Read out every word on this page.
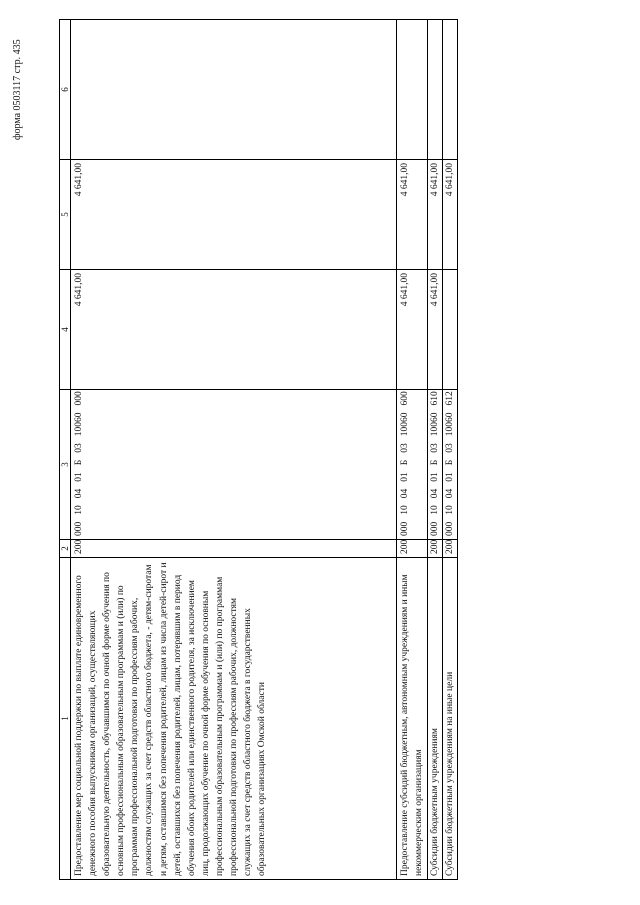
форма 0503117 стр. 435
1	2	3	4	5	6
Предоставление мер социальной поддержки по выплате единовременного денежного пособия выпускникам организаций, осуществляющих образовательную деятельность, обучавшимся по очной форме обучения по основным профессиональным образовательным программам и (или) по программам профессиональной подготовки по профессиям рабочих, должностям служащих за счет средств областного бюджета, - детям-сиротам и детям, оставшимся без попечения родителей, лицам из числа детей-сирот и детей, оставшихся без попечения родителей, лицам, потерявшим в период обучения обоих родителей или единственного родителя, за исключением лиц, продолжающих обучение по очной форме обучения по основным профессиональным образовательным программам и (или) по программам профессиональной подготовки по профессиям рабочих, должностям служащих за счет средств областного бюджета в государственных образовательных организациях Омской области	200	000100401Б0310060000	4 641,00	4 641,00	
Предоставление субсидий бюджетным, автономным учреждениям и иным некоммерческим организациям	200	000100401Б0310060600	4 641,00	4 641,00	
Субсидии бюджетным учреждениям	200	000100401Б0310060610	4 641,00	4 641,00	
Субсидии бюджетным учреждениям на иные цели	200	000100401Б0310060612		4 641,00	
